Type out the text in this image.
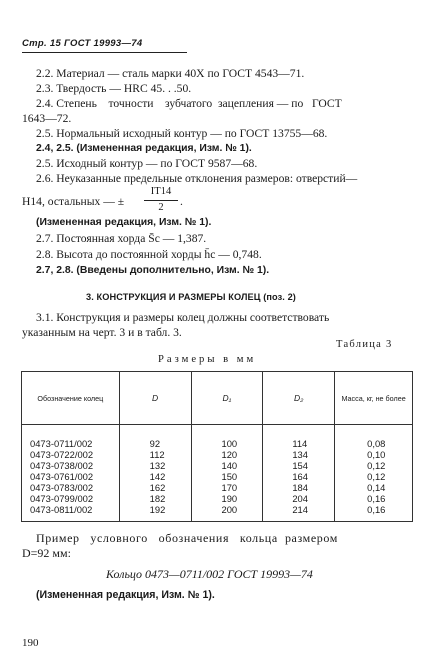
Стр. 15 ГОСТ 19993—74
2.2. Материал — сталь марки 40Х по ГОСТ 4543—71.
2.3. Твердость — HRC 45. . .50.
2.4. Степень    точности    зубчатого  зацепления — по   ГОСТ
1643—72.
2.5. Нормальный исходный контур — по ГОСТ 13755—68.
2.4, 2.5. (Измененная редакция, Изм. № 1).
2.5. Исходный контур — по ГОСТ 9587—68.
2.6. Неуказанные предельные отклонения размеров: отверстий—
H14, остальных — ±
IT14
2	.
(Измененная редакция, Изм. № 1).
2.7. Постоянная хорда S̄c — 1,387.
2.8. Высота до постоянной хорды h̄c — 0,748.
2.7, 2.8. (Введены дополнительно, Изм. № 1).
3. КОНСТРУКЦИЯ И РАЗМЕРЫ КОЛЕЦ (поз. 2)
3.1. Конструкция и размеры колец должны соответствовать
указанным на черт. 3 и в табл. 3.
Таблица 3
Размеры в мм
Обозначение колец	D	D₁	D₂	Масса, кг, не более
0473-0711/002	92	100	114	0,08
0473-0722/002	112	120	134	0,10
0473-0738/002	132	140	154	0,12
0473-0761/002	142	150	164	0,12
0473-0783/002	162	170	184	0,14
0473-0799/002	182	190	204	0,16
0473-0811/002	192	200	214	0,16
Пример   условного   обозначения   кольца  размером
D=92 мм:
Кольцо 0473—0711/002 ГОСТ 19993—74
(Измененная редакция, Изм. № 1).
190
